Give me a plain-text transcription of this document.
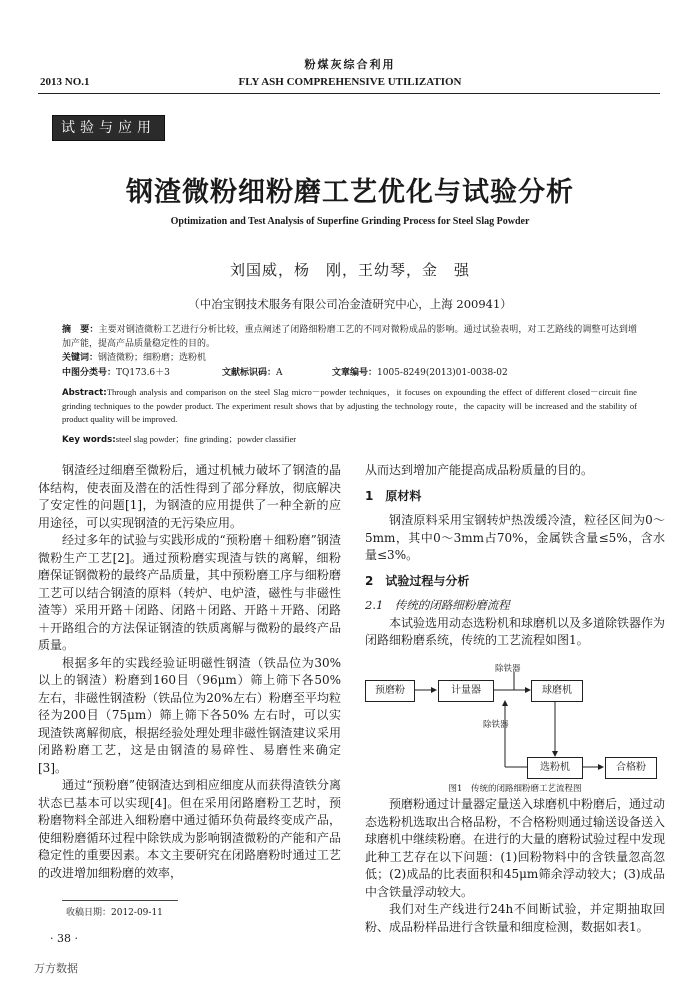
粉煤灰综合利用
2013 NO.1	FLY ASH COMPREHENSIVE UTILIZATION
试验与应用
钢渣微粉细粉磨工艺优化与试验分析
Optimization and Test Analysis of Superfine Grinding Process for Steel Slag Powder
刘国威，杨　刚，王幼琴，金　强
（中冶宝钢技术服务有限公司冶金渣研究中心，上海 200941）
摘　要：主要对钢渣微粉工艺进行分析比较，重点阐述了闭路细粉磨工艺的不同对微粉成品的影响。通过试验表明，对工艺路线的调整可达到增加产能，提高产品质量稳定性的目的。
关键词：钢渣微粉；细粉磨；选粉机
中图分类号：TQ173.6＋3	文献标识码：A	文章编号：1005-8249(2013)01-0038-02
Abstract:Through analysis and comparison on the steel Slag micro－powder techniques，it focuses on expounding the effect of different closed－circuit fine grinding techniques to the powder product. The experiment result shows that by adjusting the technology route，the capacity will be increased and the stability of product quality will be improved.
Key words:steel slag powder；fine grinding；powder classifier

钢渣经过细磨至微粉后，通过机械力破坏了钢渣的晶体结构，使表面及潜在的活性得到了部分释放，彻底解决了安定性的问题[1]，为钢渣的应用提供了一种全新的应用途径，可以实现钢渣的无污染应用。

经过多年的试验与实践形成的“预粉磨＋细粉磨”钢渣微粉生产工艺[2]。通过预粉磨实现渣与铁的离解，细粉磨保证钢微粉的最终产品质量，其中预粉磨工序与细粉磨工艺可以结合钢渣的原料（转炉、电炉渣，磁性与非磁性渣等）采用开路＋闭路、闭路＋闭路、开路＋开路、闭路＋开路组合的方法保证钢渣的铁质离解与微粉的最终产品质量。

根据多年的实践经验证明磁性钢渣（铁品位为30% 以上的钢渣）粉磨到160目（96μm）筛上筛下各50% 左右，非磁性钢渣粉（铁品位为20%左右）粉磨至平均粒径为200目（75μm）筛上筛下各50% 左右时，可以实现渣铁离解彻底，根据经验处理处理非磁性钢渣建议采用闭路粉磨工艺，这是由钢渣的易碎性、易磨性来确定[3]。

通过“预粉磨”使钢渣达到相应细度从而获得渣铁分离状态已基本可以实现[4]。但在采用闭路磨粉工艺时，预粉磨物料全部进入细粉磨中通过循环负荷最终变成产品，使细粉磨循环过程中除铁成为影响钢渣微粉的产能和产品稳定性的重要因素。本文主要研究在闭路磨粉时通过工艺的改进增加细粉磨的效率，

从而达到增加产能提高成品粉质量的目的。

1　原材料

钢渣原料采用宝钢转炉热泼缓冷渣，粒径区间为0～5mm，其中0～3mm占70%，金属铁含量≤5%，含水量≤3%。

2　试验过程与分析
2.1　传统的闭路细粉磨流程

本试验选用动态选粉机和球磨机以及多道除铁器作为闭路细粉磨系统，传统的工艺流程如图1。

预磨粉	计量器	球磨机
选粉机	合格粉
除铁器
除铁器
图1　传统的闭路细粉磨工艺流程图

预磨粉通过计量器定量送入球磨机中粉磨后，通过动态选粉机选取出合格品粉，不合格粉则通过输送设备送入球磨机中继续粉磨。在进行的大量的磨粉试验过程中发现此种工艺存在以下问题：(1)回粉物料中的含铁量忽高忽低；(2)成品的比表面积和45μm筛余浮动较大；(3)成品中含铁量浮动较大。

我们对生产线进行24h不间断试验，并定期抽取回粉、成品粉样品进行含铁量和细度检测，数据如表1。

收稿日期：2012-09-11
· 38 ·
万方数据
